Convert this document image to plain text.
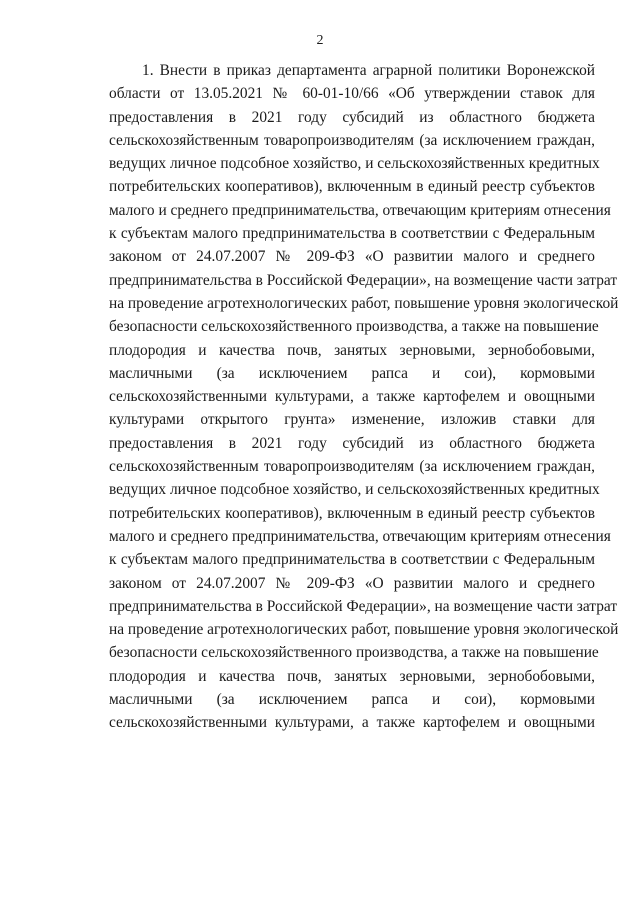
2
1. Внести в приказ департамента аграрной политики Воронежской
области от 13.05.2021 № 60-01-10/66 «Об утверждении ставок для
предоставления в 2021 году субсидий из областного бюджета
сельскохозяйственным товаропроизводителям (за исключением граждан,
ведущих личное подсобное хозяйство, и сельскохозяйственных кредитных
потребительских кооперативов), включенным в единый реестр субъектов
малого и среднего предпринимательства, отвечающим критериям отнесения
к субъектам малого предпринимательства в соответствии с Федеральным
законом от 24.07.2007 № 209-ФЗ «О развитии малого и среднего
предпринимательства в Российской Федерации», на возмещение части затрат
на проведение агротехнологических работ, повышение уровня экологической
безопасности сельскохозяйственного производства, а также на повышение
плодородия и качества почв, занятых зерновыми, зернобобовыми,
масличными (за исключением рапса и сои), кормовыми
сельскохозяйственными культурами, а также картофелем и овощными
культурами открытого грунта» изменение, изложив ставки для
предоставления в 2021 году субсидий из областного бюджета
сельскохозяйственным товаропроизводителям (за исключением граждан,
ведущих личное подсобное хозяйство, и сельскохозяйственных кредитных
потребительских кооперативов), включенным в единый реестр субъектов
малого и среднего предпринимательства, отвечающим критериям отнесения
к субъектам малого предпринимательства в соответствии с Федеральным
законом от 24.07.2007 № 209-ФЗ «О развитии малого и среднего
предпринимательства в Российской Федерации», на возмещение части затрат
на проведение агротехнологических работ, повышение уровня экологической
безопасности сельскохозяйственного производства, а также на повышение
плодородия и качества почв, занятых зерновыми, зернобобовыми,
масличными (за исключением рапса и сои), кормовыми
сельскохозяйственными культурами, а также картофелем и овощными
